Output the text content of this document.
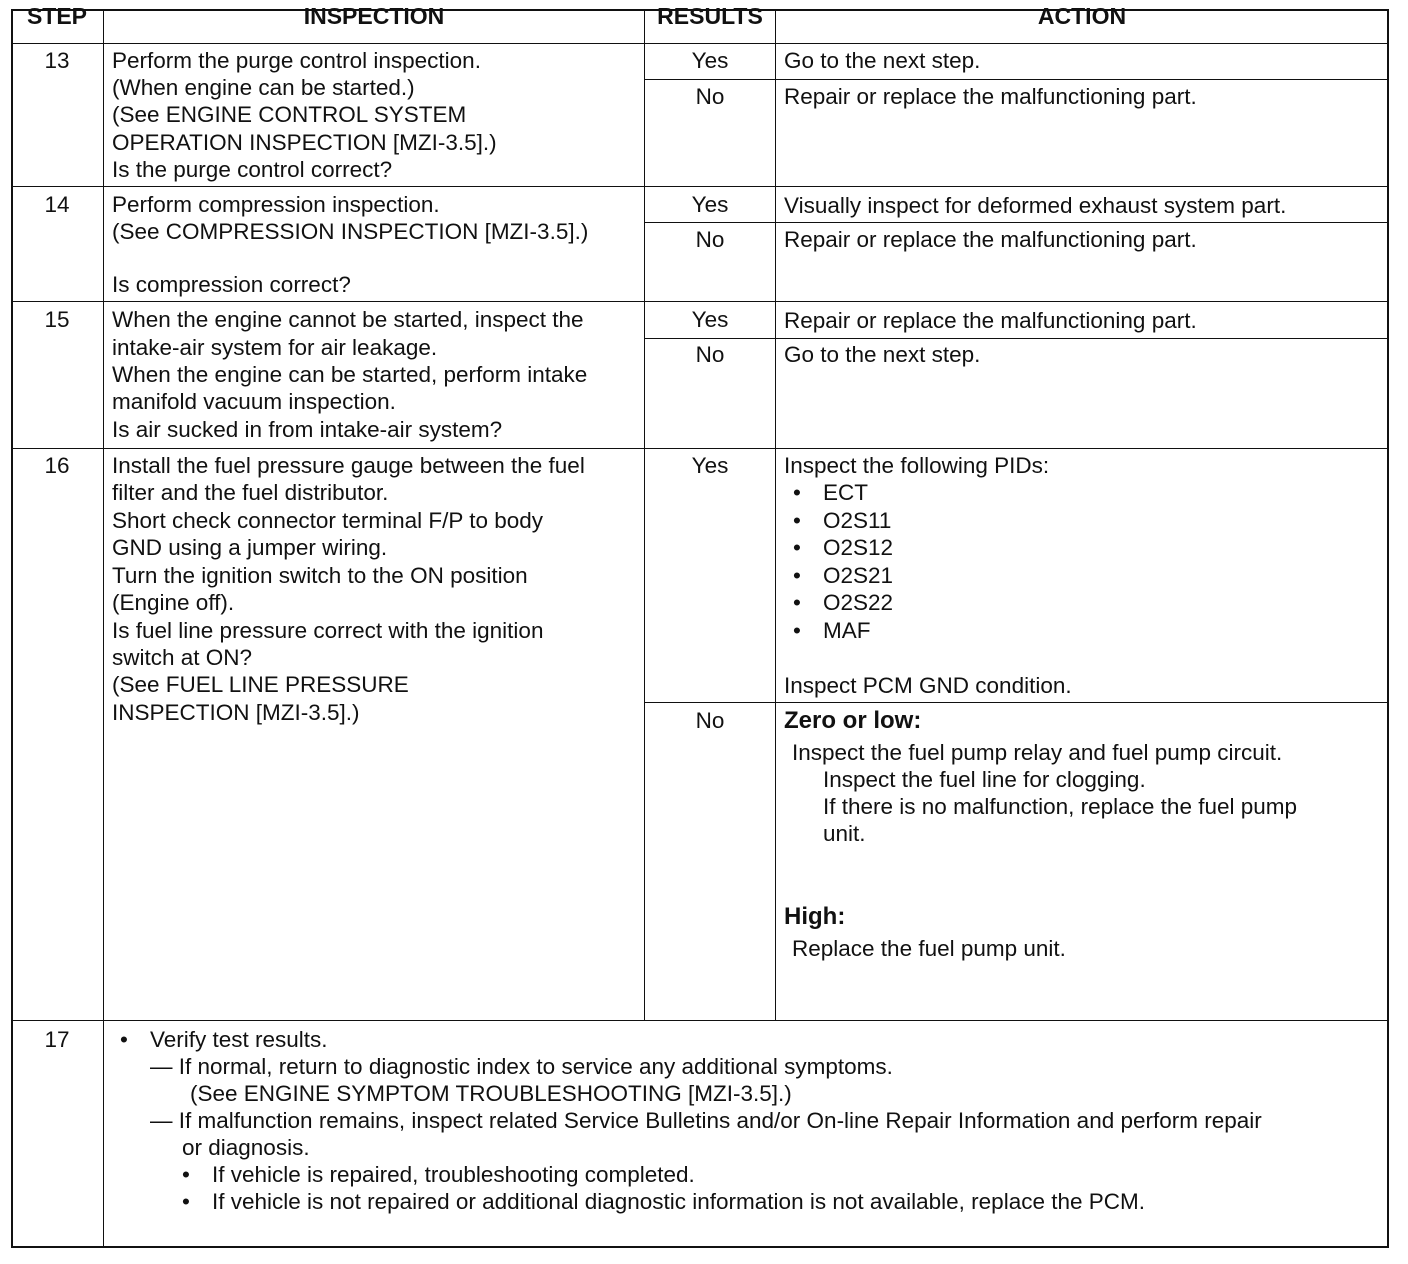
STEP	INSPECTION	RESULTS	ACTION
13	Perform the purge control inspection.
(When engine can be started.)
(See ENGINE CONTROL SYSTEM
OPERATION INSPECTION [MZI-3.5].)
Is the purge control correct?
Yes	Go to the next step.
No	Repair or replace the malfunctioning part.
14	Perform compression inspection.
(See COMPRESSION INSPECTION [MZI-3.5].)
Is compression correct?
Yes	Visually inspect for deformed exhaust system part.
No	Repair or replace the malfunctioning part.
15	When the engine cannot be started, inspect the
intake-air system for air leakage.
When the engine can be started, perform intake
manifold vacuum inspection.
Is air sucked in from intake-air system?
Yes	Repair or replace the malfunctioning part.
No	Go to the next step.
16	Install the fuel pressure gauge between the fuel
filter and the fuel distributor.
Short check connector terminal F/P to body
GND using a jumper wiring.
Turn the ignition switch to the ON position
(Engine off).
Is fuel line pressure correct with the ignition
switch at ON?
(See FUEL LINE PRESSURE
INSPECTION [MZI-3.5].)
Yes	Inspect the following PIDs:
• ECT
• O2S11
• O2S12
• O2S21
• O2S22
• MAF
Inspect PCM GND condition.
No	Zero or low:
Inspect the fuel pump relay and fuel pump circuit.
Inspect the fuel line for clogging.
If there is no malfunction, replace the fuel pump
unit.
High:
Replace the fuel pump unit.
17
•	Verify test results.
— If normal, return to diagnostic index to service any additional symptoms.
(See ENGINE SYMPTOM TROUBLESHOOTING [MZI-3.5].)
— If malfunction remains, inspect related Service Bulletins and/or On-line Repair Information and perform repair
or diagnosis.
• If vehicle is repaired, troubleshooting completed.
• If vehicle is not repaired or additional diagnostic information is not available, replace the PCM.
